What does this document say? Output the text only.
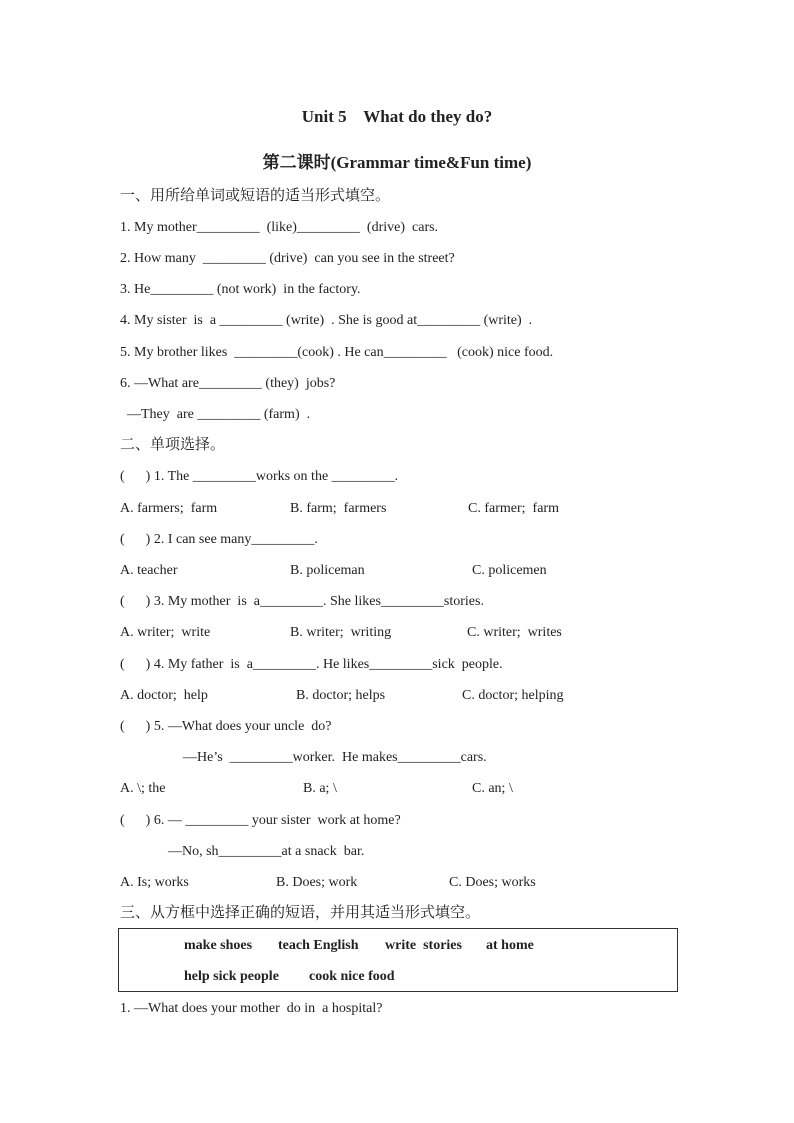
Unit 5    What do they do?
第二课时(Grammar time&Fun time)
一、用所给单词或短语的适当形式填空。
1. My mother_________  (like)_________  (drive)  cars.
2. How many  _________ (drive)  can you see in the street?
3. He_________ (not work)  in the factory.
4. My sister  is  a _________ (write)  . She is good at_________ (write)  .
5. My brother likes  _________(cook) . He can_________   (cook) nice food.
6. —What are_________ (they)  jobs?
—They  are _________ (farm)  .
二、单项选择。
(      ) 1. The _________works on the _________.
A. farmers;  farm	B. farm;  farmers	C. farmer;  farm
(      ) 2. I can see many_________.
A. teacher	B. policeman	C. policemen
(      ) 3. My mother  is  a_________. She likes_________stories.
A. writer;  write	B. writer;  writing	C. writer;  writes
(      ) 4. My father  is  a_________. He likes_________sick  people.
A. doctor;  help	B. doctor; helps	C. doctor; helping
(      ) 5. —What does your uncle  do?
—He’s  _________worker.  He makes_________cars.
A. \; the	B. a; \	C. an; \
(      ) 6. — _________ your sister  work at home?
—No, sh_________at a snack  bar.
A. Is; works	B. Does; work	C. Does; works
三、从方框中选择正确的短语，并用其适当形式填空。
make shoes teach English write  stories at home
help sick people cook nice food
1. —What does your mother  do in  a hospital?
